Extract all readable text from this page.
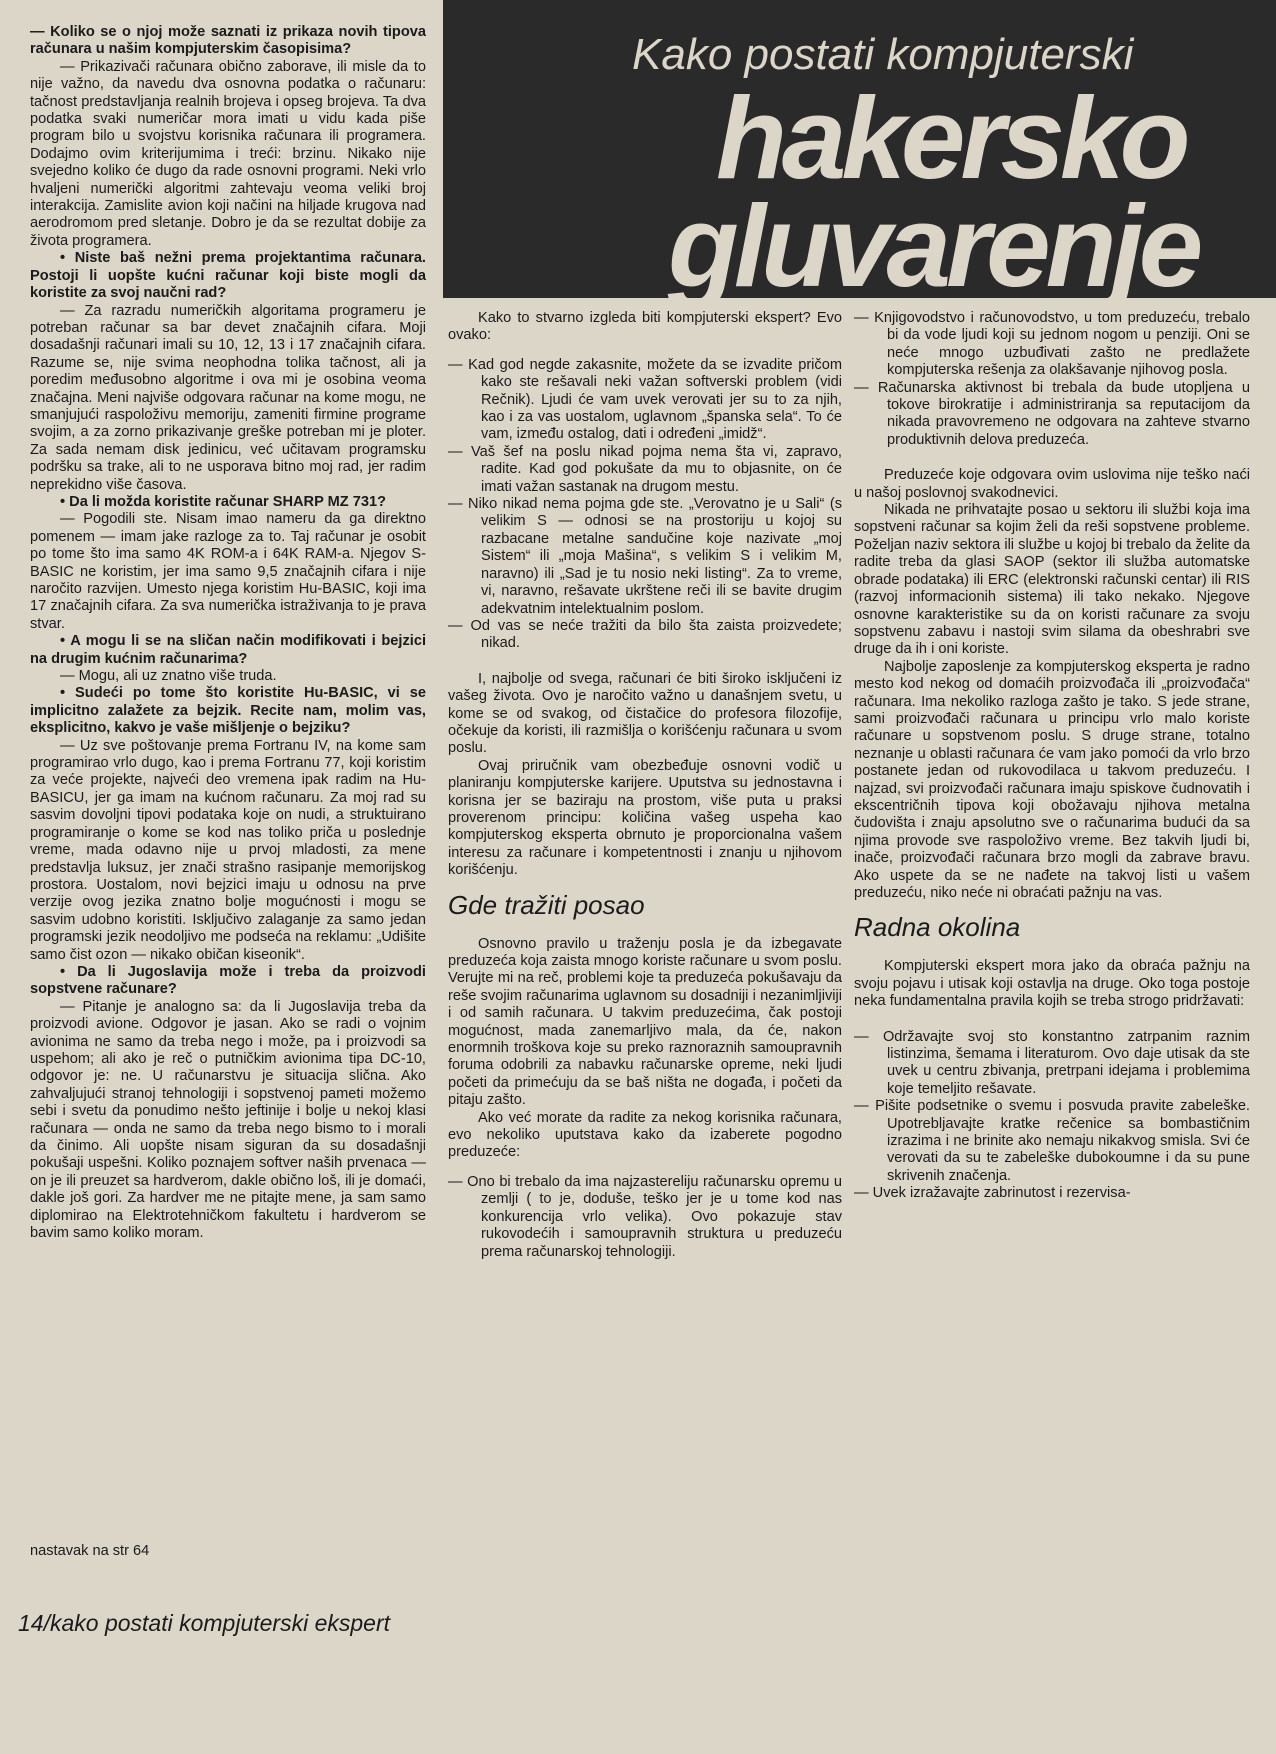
Kako postati kompjuterski
hakersko
gluvarenje

— Koliko se o njoj može saznati iz prikaza novih tipova računara u našim kompjuterskim časopisima?

— Prikazivači računara obično zaborave, ili misle da to nije važno, da navedu dva osnovna podatka o računaru: tačnost predstavljanja realnih brojeva i opseg brojeva. Ta dva podatka svaki numeričar mora imati u vidu kada piše program bilo u svojstvu korisnika računara ili programera. Dodajmo ovim kriterijumima i treći: brzinu. Nikako nije svejedno koliko će dugo da rade osnovni programi. Neki vrlo hvaljeni numerički algoritmi zahtevaju veoma veliki broj interakcija. Zamislite avion koji načini na hiljade krugova nad aerodromom pred sletanje. Dobro je da se rezultat dobije za života programera.

• Niste baš nežni prema projektantima računara. Postoji li uopšte kućni računar koji biste mogli da koristite za svoj naučni rad?

— Za razradu numeričkih algoritama programeru je potreban računar sa bar devet značajnih cifara. Moji dosadašnji računari imali su 10, 12, 13 i 17 značajnih cifara. Razume se, nije svima neophodna tolika tačnost, ali ja poredim međusobno algoritme i ova mi je osobina veoma značajna. Meni najviše odgovara računar na kome mogu, ne smanjujući raspoloživu memoriju, zameniti firmine programe svojim, a za zorno prikazivanje greške potreban mi je ploter. Za sada nemam disk jedinicu, već učitavam programsku podršku sa trake, ali to ne usporava bitno moj rad, jer radim neprekidno više časova.

• Da li možda koristite računar SHARP MZ 731?

— Pogodili ste. Nisam imao nameru da ga direktno pomenem — imam jake razloge za to. Taj računar je osobit po tome što ima samo 4K ROM-a i 64K RAM-a. Njegov S-BASIC ne koristim, jer ima samo 9,5 značajnih cifara i nije naročito razvijen. Umesto njega koristim Hu-BASIC, koji ima 17 značajnih cifara. Za sva numerička istraživanja to je prava stvar.

• A mogu li se na sličan način modifikovati i bejzici na drugim kućnim računarima?

— Mogu, ali uz znatno više truda.

• Sudeći po tome što koristite Hu-BASIC, vi se implicitno zalažete za bejzik. Recite nam, molim vas, eksplicitno, kakvo je vaše mišljenje o bejziku?

— Uz sve poštovanje prema Fortranu IV, na kome sam programirao vrlo dugo, kao i prema Fortranu 77, koji koristim za veće projekte, najveći deo vremena ipak radim na Hu-BASICU, jer ga imam na kućnom računaru. Za moj rad su sasvim dovoljni tipovi podataka koje on nudi, a struktuirano programiranje o kome se kod nas toliko priča u poslednje vreme, mada odavno nije u prvoj mladosti, za mene predstavlja luksuz, jer znači strašno rasipanje memorijskog prostora. Uostalom, novi bejzici imaju u odnosu na prve verzije ovog jezika znatno bolje mogućnosti i mogu se sasvim udobno koristiti. Isključivo zalaganje za samo jedan programski jezik neodoljivo me podseća na reklamu: „Udišite samo čist ozon — nikako običan kiseonik“.

• Da li Jugoslavija može i treba da proizvodi sopstvene računare?

— Pitanje je analogno sa: da li Jugoslavija treba da proizvodi avione. Odgovor je jasan. Ako se radi o vojnim avionima ne samo da treba nego i može, pa i proizvodi sa uspehom; ali ako je reč o putničkim avionima tipa DC-10, odgovor je: ne. U računarstvu je situacija slična. Ako zahvaljujući stranoj tehnologiji i sopstvenoj pameti možemo sebi i svetu da ponudimo nešto jeftinije i bolje u nekoj klasi računara — onda ne samo da treba nego bismo to i morali da činimo. Ali uopšte nisam siguran da su dosadašnji pokušaji uspešni. Koliko poznajem softver naših prvenaca — on je ili preuzet sa hardverom, dakle obično loš, ili je domaći, dakle još gori. Za hardver me ne pitajte mene, ja sam samo diplomirao na Elektrotehničkom fakultetu i hardverom se bavim samo koliko moram.

nastavak na str 64
14/kako postati kompjuterski ekspert

Kako to stvarno izgleda biti kompjuterski ekspert? Evo ovako:

— Kad god negde zakasnite, možete da se izvadite pričom kako ste rešavali neki važan softverski problem (vidi Rečnik). Ljudi će vam uvek verovati jer su to za njih, kao i za vas uostalom, uglavnom „španska sela“. To će vam, između ostalog, dati i određeni „imidž“.

— Vaš šef na poslu nikad pojma nema šta vi, zapravo, radite. Kad god pokušate da mu to objasnite, on će imati važan sastanak na drugom mestu.

— Niko nikad nema pojma gde ste. „Verovatno je u Sali“ (s velikim S — odnosi se na prostoriju u kojoj su razbacane metalne sandučine koje nazivate „moj Sistem“ ili „moja Mašina“, s velikim S i velikim M, naravno) ili „Sad je tu nosio neki listing“. Za to vreme, vi, naravno, rešavate ukrštene reči ili se bavite drugim adekvatnim intelektualnim poslom.

— Od vas se neće tražiti da bilo šta zaista proizvedete; nikad.

I, najbolje od svega, računari će biti široko isključeni iz vašeg života. Ovo je naročito važno u današnjem svetu, u kome se od svakog, od čistačice do profesora filozofije, očekuje da koristi, ili razmišlja o korišćenju računara u svom poslu.

Ovaj priručnik vam obezbeđuje osnovni vodič u planiranju kompjuterske karijere. Uputstva su jednostavna i korisna jer se baziraju na prostom, više puta u praksi proverenom principu: količina vašeg uspeha kao kompjuterskog eksperta obrnuto je proporcionalna vašem interesu za računare i kompetentnosti i znanju u njihovom korišćenju.

Gde tražiti posao

Osnovno pravilo u traženju posla je da izbegavate preduzeća koja zaista mnogo koriste računare u svom poslu. Verujte mi na reč, problemi koje ta preduzeća pokušavaju da reše svojim računarima uglavnom su dosadniji i nezanimljiviji i od samih računara. U takvim preduzećima, čak postoji mogućnost, mada zanemarljivo mala, da će, nakon enormnih troškova koje su preko raznoraznih samoupravnih foruma odobrili za nabavku računarske opreme, neki ljudi početi da primećuju da se baš ništa ne događa, i početi da pitaju zašto.

Ako već morate da radite za nekog korisnika računara, evo nekoliko uputstava kako da izaberete pogodno preduzeće:

— Ono bi trebalo da ima najzastereliju računarsku opremu u zemlji ( to je, doduše, teško jer je u tome kod nas konkurencija vrlo velika). Ovo pokazuje stav rukovodećih i samoupravnih struktura u preduzeću prema računarskoj tehnologiji.

— Knjigovodstvo i računovodstvo, u tom preduzeću, trebalo bi da vode ljudi koji su jednom nogom u penziji. Oni se neće mnogo uzbuđivati zašto ne predlažete kompjuterska rešenja za olakšavanje njihovog posla.

— Računarska aktivnost bi trebala da bude utopljena u tokove birokratije i administriranja sa reputacijom da nikada pravovremeno ne odgovara na zahteve stvarno produktivnih delova preduzeća.

Preduzeće koje odgovara ovim uslovima nije teško naći u našoj poslovnoj svakodnevici.

Nikada ne prihvatajte posao u sektoru ili službi koja ima sopstveni računar sa kojim želi da reši sopstvene probleme. Poželjan naziv sektora ili službe u kojoj bi trebalo da želite da radite treba da glasi SAOP (sektor ili služba automatske obrade podataka) ili ERC (elektronski računski centar) ili RIS (razvoj informacionih sistema) ili tako nekako. Njegove osnovne karakteristike su da on koristi računare za svoju sopstvenu zabavu i nastoji svim silama da obeshrabri sve druge da ih i oni koriste.

Najbolje zaposlenje za kompjuterskog eksperta je radno mesto kod nekog od domaćih proizvođača ili „proizvođača“ računara. Ima nekoliko razloga zašto je tako. S jede strane, sami proizvođači računara u principu vrlo malo koriste računare u sopstvenom poslu. S druge strane, totalno neznanje u oblasti računara će vam jako pomoći da vrlo brzo postanete jedan od rukovodilaca u takvom preduzeću. I najzad, svi proizvođači računara imaju spiskove čudnovatih i ekscentričnih tipova koji obožavaju njihova metalna čudovišta i znaju apsolutno sve o računarima budući da sa njima provode sve raspoloživo vreme. Bez takvih ljudi bi, inače, proizvođači računara brzo mogli da zabrave bravu. Ako uspete da se ne nađete na takvoj listi u vašem preduzeću, niko neće ni obraćati pažnju na vas.

Radna okolina

Kompjuterski ekspert mora jako da obraća pažnju na svoju pojavu i utisak koji ostavlja na druge. Oko toga postoje neka fundamentalna pravila kojih se treba strogo pridržavati:

— Održavajte svoj sto konstantno zatrpanim raznim listinzima, šemama i literaturom. Ovo daje utisak da ste uvek u centru zbivanja, pretrpani idejama i problemima koje temeljito rešavate.

— Pišite podsetnike o svemu i posvuda pravite zabeleške. Upotrebljavajte kratke rečenice sa bombastičnim izrazima i ne brinite ako nemaju nikakvog smisla. Svi će verovati da su te zabeleške dubokoumne i da su pune skrivenih značenja.

— Uvek izražavajte zabrinutost i rezervisa-
